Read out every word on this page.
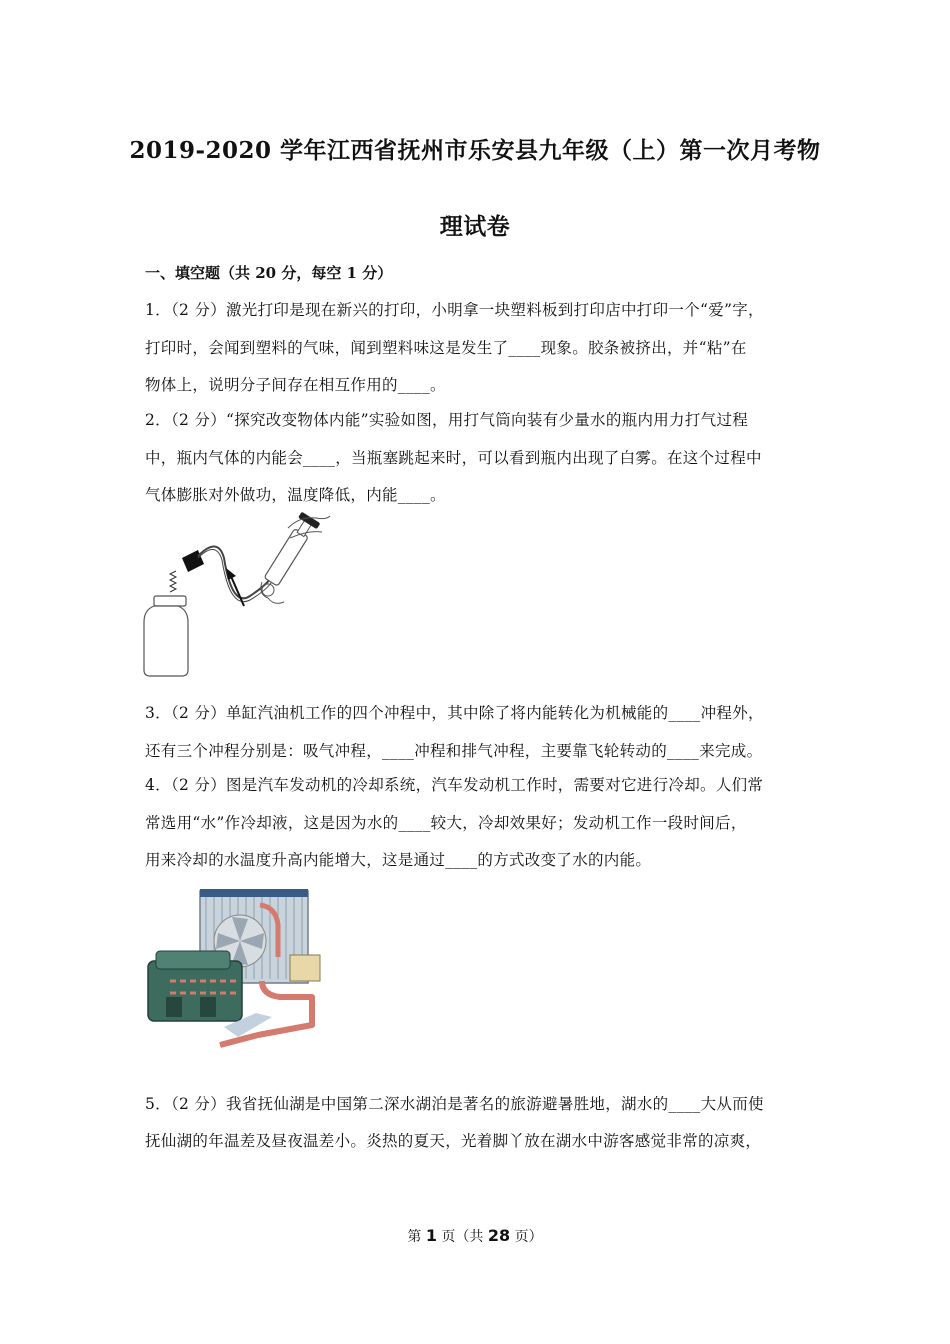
2019-2020 学年江西省抚州市乐安县九年级（上）第一次月考物
理试卷
一、填空题（共 20 分，每空 1 分）
1．（2 分）激光打印是现在新兴的打印，小明拿一块塑料板到打印店中打印一个“爱”字，
打印时，会闻到塑料的气味，闻到塑料味这是发生了____现象。胶条被挤出，并“粘”在
物体上，说明分子间存在相互作用的____。
2．（2 分）“探究改变物体内能”实验如图，用打气筒向装有少量水的瓶内用力打气过程
中，瓶内气体的内能会____，当瓶塞跳起来时，可以看到瓶内出现了白雾。在这个过程中
气体膨胀对外做功，温度降低，内能____。
3．（2 分）单缸汽油机工作的四个冲程中，其中除了将内能转化为机械能的____冲程外，
还有三个冲程分别是：吸气冲程，____冲程和排气冲程，主要靠飞轮转动的____来完成。
4．（2 分）图是汽车发动机的冷却系统，汽车发动机工作时，需要对它进行冷却。人们常
常选用“水”作冷却液，这是因为水的____较大，冷却效果好；发动机工作一段时间后，
用来冷却的水温度升高内能增大，这是通过____的方式改变了水的内能。
5．（2 分）我省抚仙湖是中国第二深水湖泊是著名的旅游避暑胜地，湖水的____大从而使
抚仙湖的年温差及昼夜温差小。炎热的夏天，光着脚丫放在湖水中游客感觉非常的凉爽，
第 1 页（共 28 页）
